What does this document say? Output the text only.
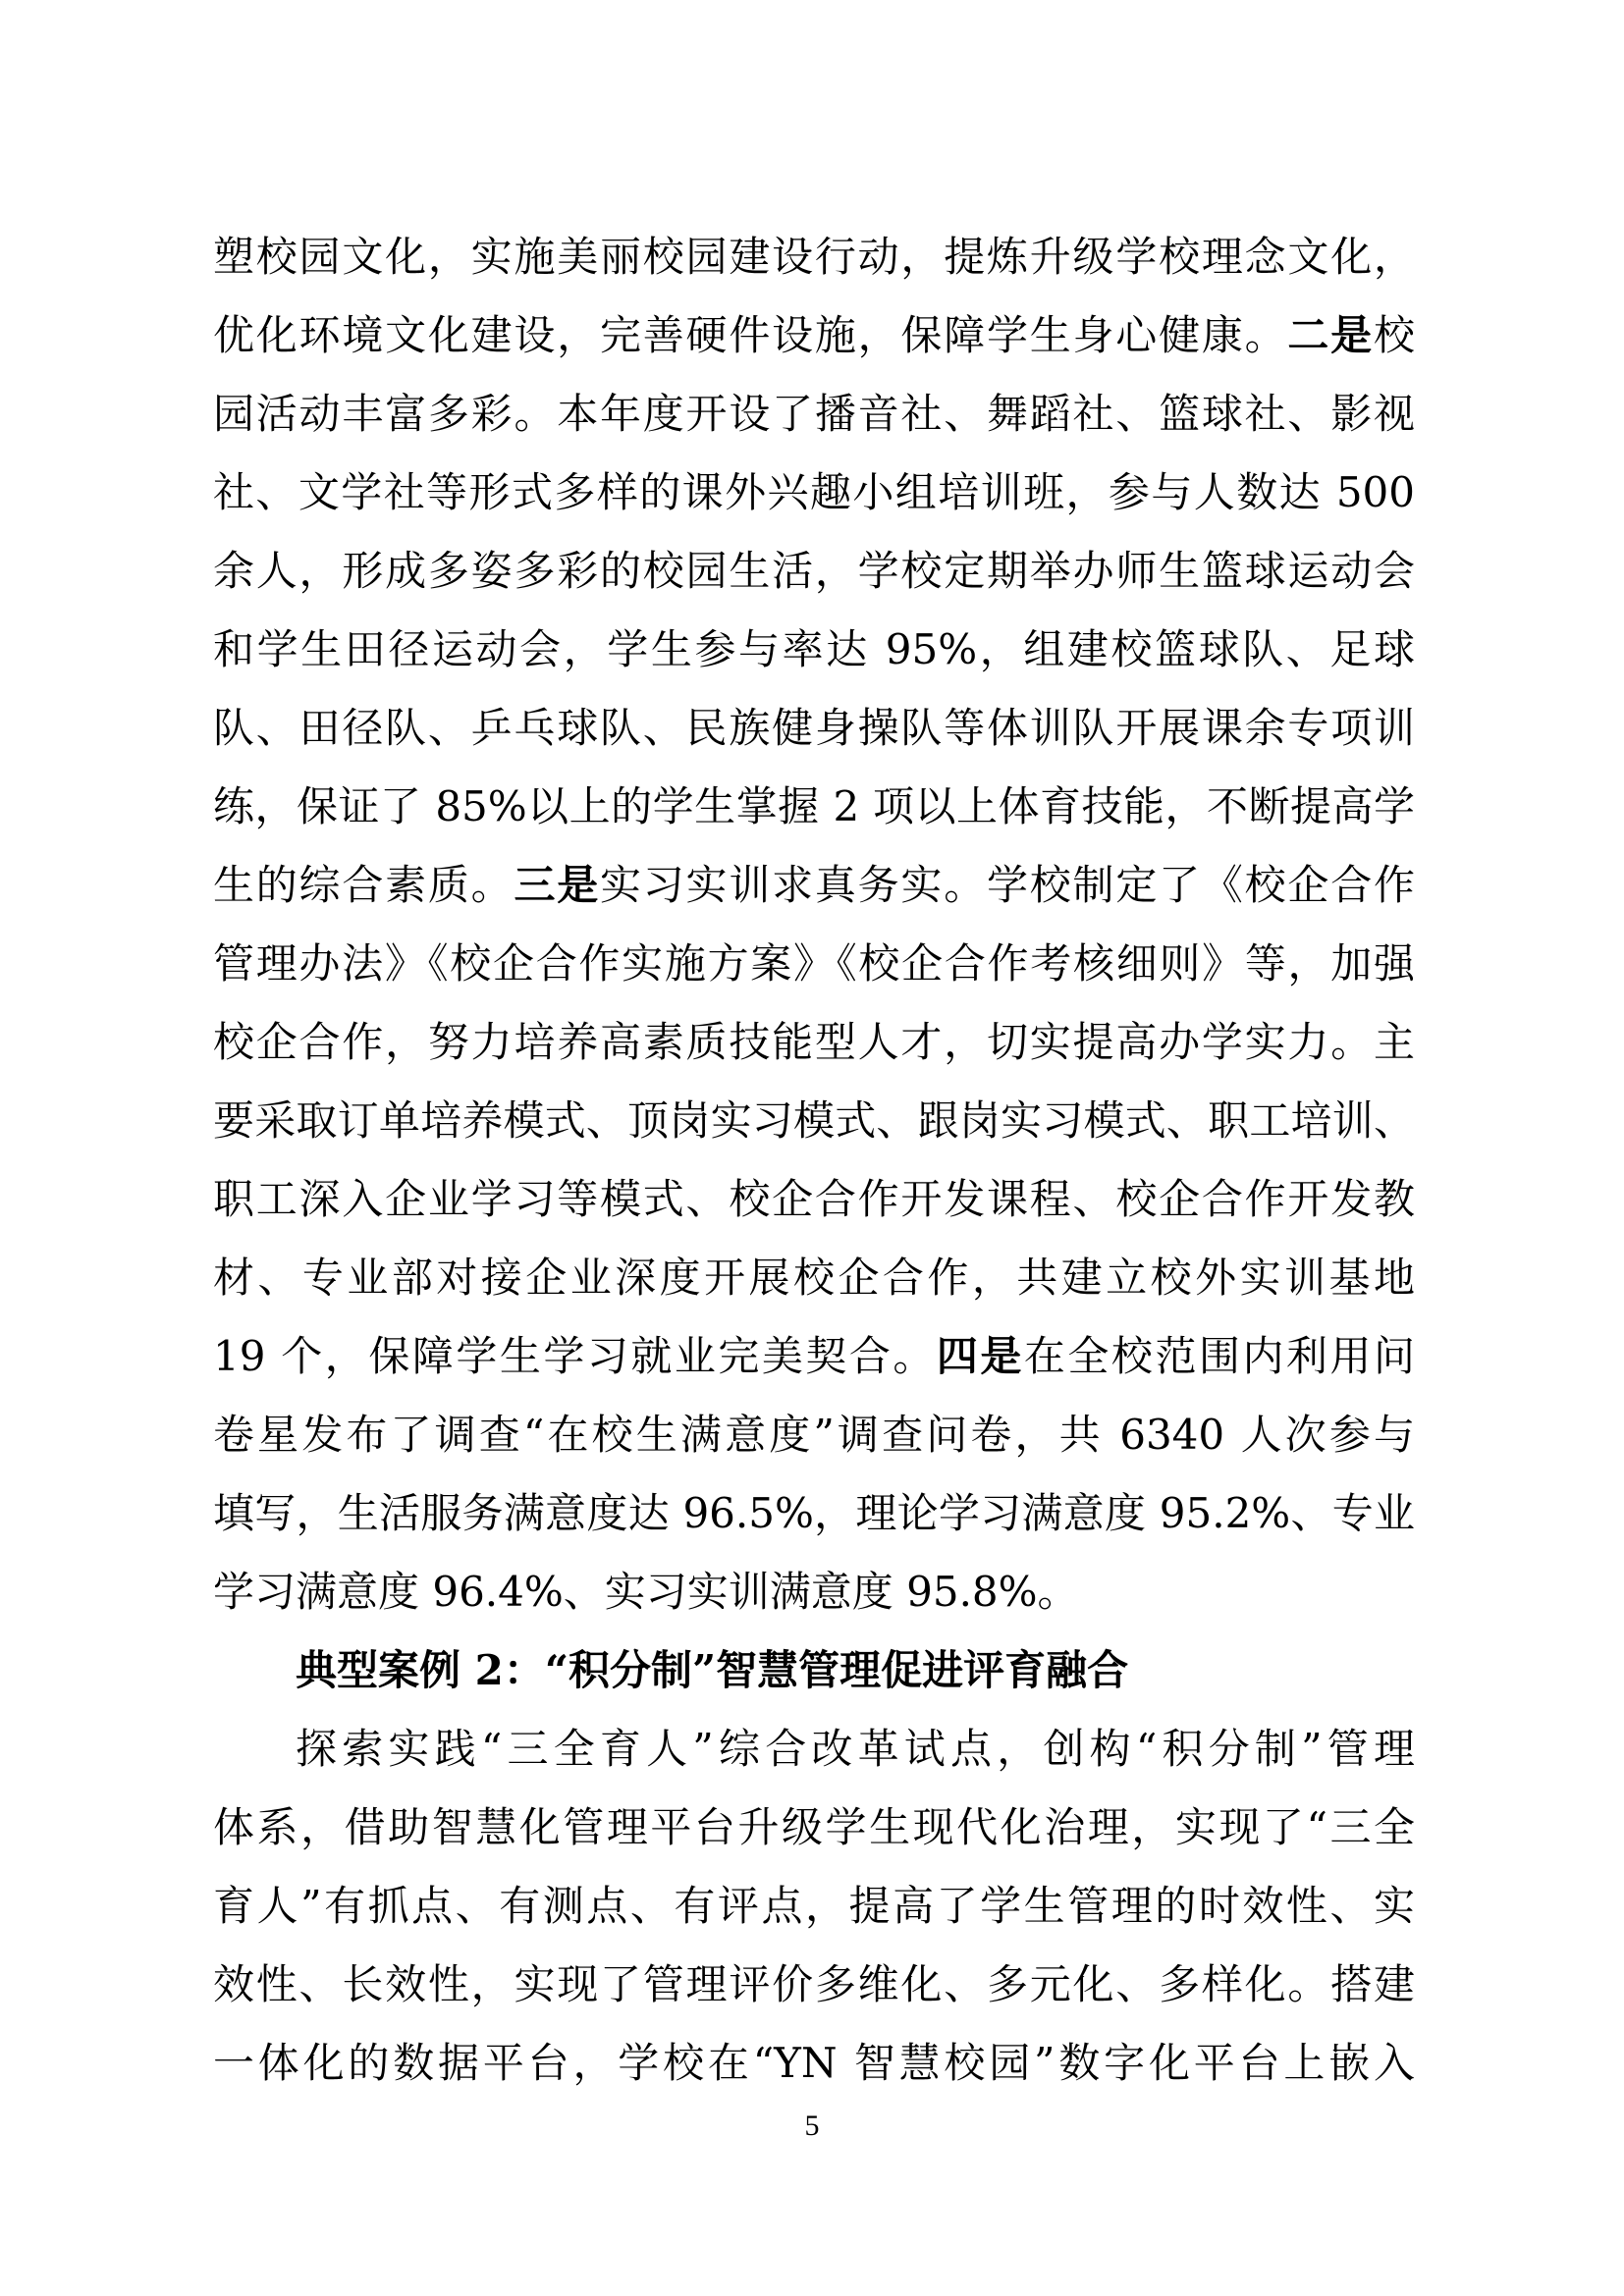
塑校园文化，实施美丽校园建设行动，提炼升级学校理念文化，
优化环境文化建设，完善硬件设施，保障学生身心健康。二是校
园活动丰富多彩。本年度开设了播音社、舞蹈社、篮球社、影视
社、文学社等形式多样的课外兴趣小组培训班，参与人数达 500
余人，形成多姿多彩的校园生活，学校定期举办师生篮球运动会
和学生田径运动会，学生参与率达 95%，组建校篮球队、足球
队、田径队、乒乓球队、民族健身操队等体训队开展课余专项训
练，保证了 85%以上的学生掌握 2 项以上体育技能，不断提高学
生的综合素质。三是实习实训求真务实。学校制定了《校企合作
管理办法》《校企合作实施方案》《校企合作考核细则》等，加强
校企合作，努力培养高素质技能型人才，切实提高办学实力。主
要采取订单培养模式、顶岗实习模式、跟岗实习模式、职工培训、
职工深入企业学习等模式、校企合作开发课程、校企合作开发教
材、专业部对接企业深度开展校企合作，共建立校外实训基地
19 个，保障学生学习就业完美契合。四是在全校范围内利用问
卷星发布了调查“在校生满意度”调查问卷，共 6340 人次参与
填写，生活服务满意度达 96.5%，理论学习满意度 95.2%、专业
学习满意度 96.4%、实习实训满意度 95.8%。
典型案例 2：“积分制”智慧管理促进评育融合
探索实践“三全育人”综合改革试点，创构“积分制”管理
体系，借助智慧化管理平台升级学生现代化治理，实现了“三全
育人”有抓点、有测点、有评点，提高了学生管理的时效性、实
效性、长效性，实现了管理评价多维化、多元化、多样化。搭建
一体化的数据平台，学校在“YN 智慧校园”数字化平台上嵌入
5
